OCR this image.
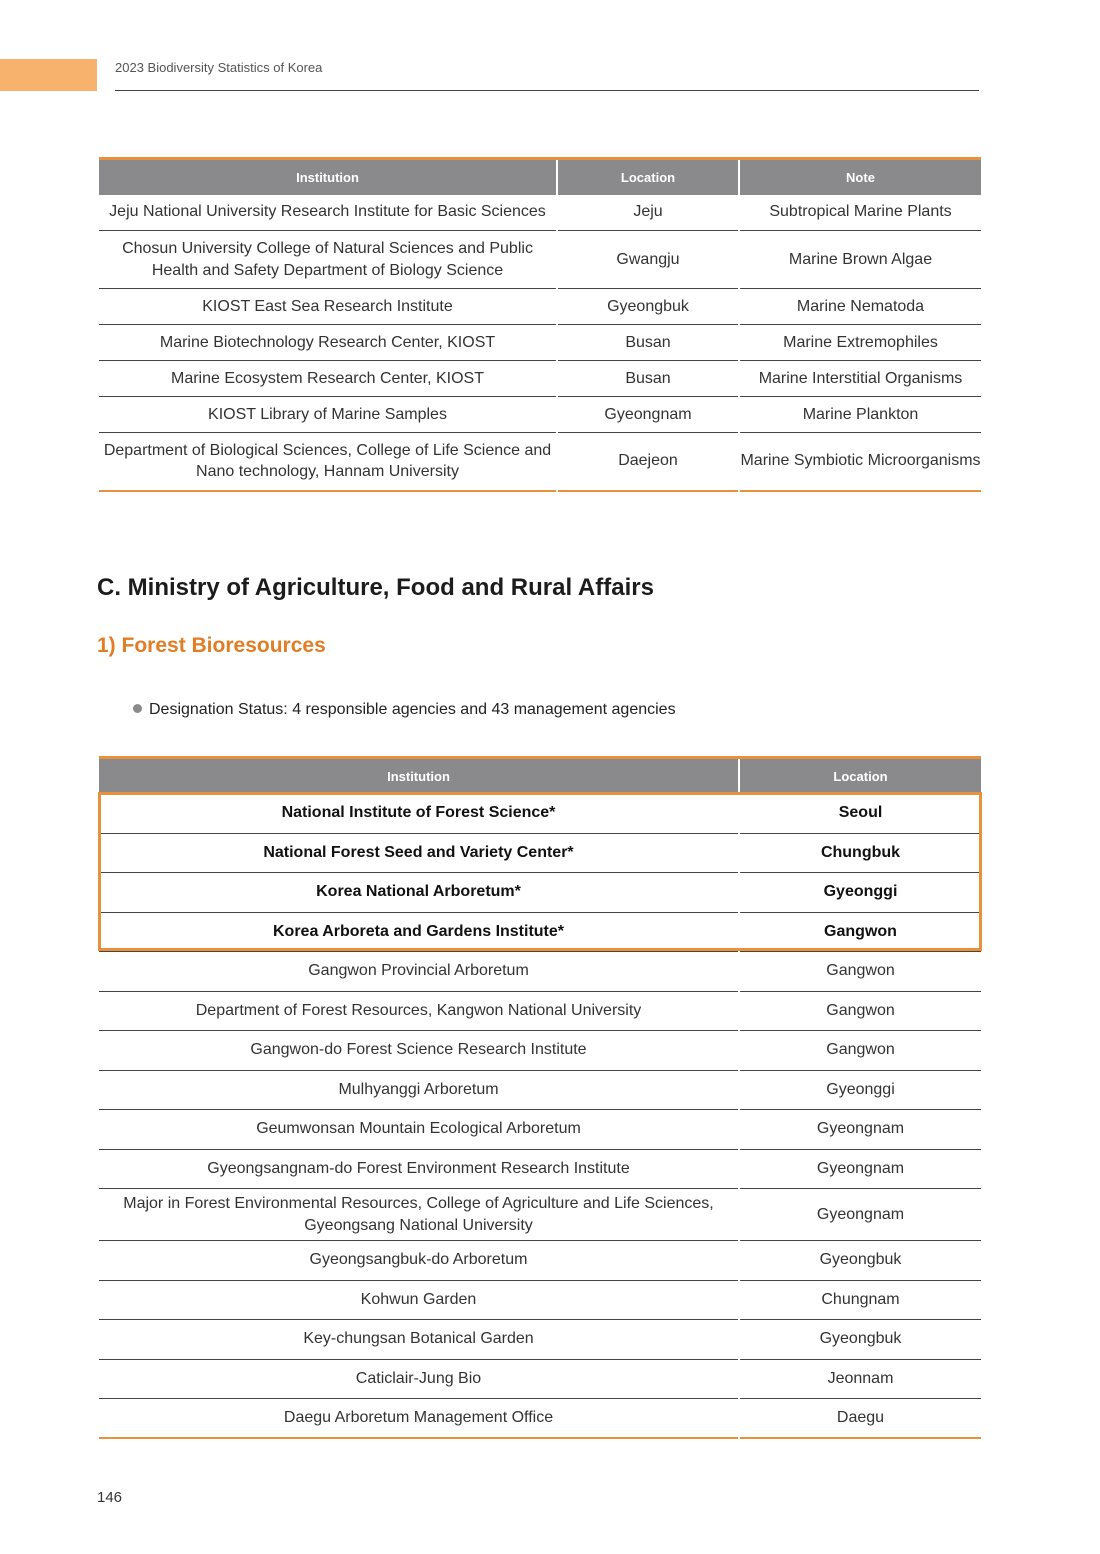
2023 Biodiversity Statistics of Korea
Institution	Location	Note
Jeju National University Research Institute for Basic Sciences	Jeju	Subtropical Marine Plants
Chosun University College of Natural Sciences and Public Health and Safety Department of Biology Science	Gwangju	Marine Brown Algae
KIOST East Sea Research Institute	Gyeongbuk	Marine Nematoda
Marine Biotechnology Research Center, KIOST	Busan	Marine Extremophiles
Marine Ecosystem Research Center, KIOST	Busan	Marine Interstitial Organisms
KIOST Library of Marine Samples	Gyeongnam	Marine Plankton
Department of Biological Sciences, College of Life Science and Nano technology, Hannam University	Daejeon	Marine Symbiotic Microorganisms
C. Ministry of Agriculture, Food and Rural Affairs
1) Forest Bioresources
Designation Status: 4 responsible agencies and 43 management agencies
Institution	Location
National Institute of Forest Science*	Seoul
National Forest Seed and Variety Center*	Chungbuk
Korea National Arboretum*	Gyeonggi
Korea Arboreta and Gardens Institute*	Gangwon
Gangwon Provincial Arboretum	Gangwon
Department of Forest Resources, Kangwon National University	Gangwon
Gangwon-do Forest Science Research Institute	Gangwon
Mulhyanggi Arboretum	Gyeonggi
Geumwonsan Mountain Ecological Arboretum	Gyeongnam
Gyeongsangnam-do Forest Environment Research Institute	Gyeongnam
Major in Forest Environmental Resources, College of Agriculture and Life Sciences, Gyeongsang National University	Gyeongnam
Gyeongsangbuk-do Arboretum	Gyeongbuk
Kohwun Garden	Chungnam
Key-chungsan Botanical Garden	Gyeongbuk
Caticlair-Jung Bio	Jeonnam
Daegu Arboretum Management Office	Daegu
146
